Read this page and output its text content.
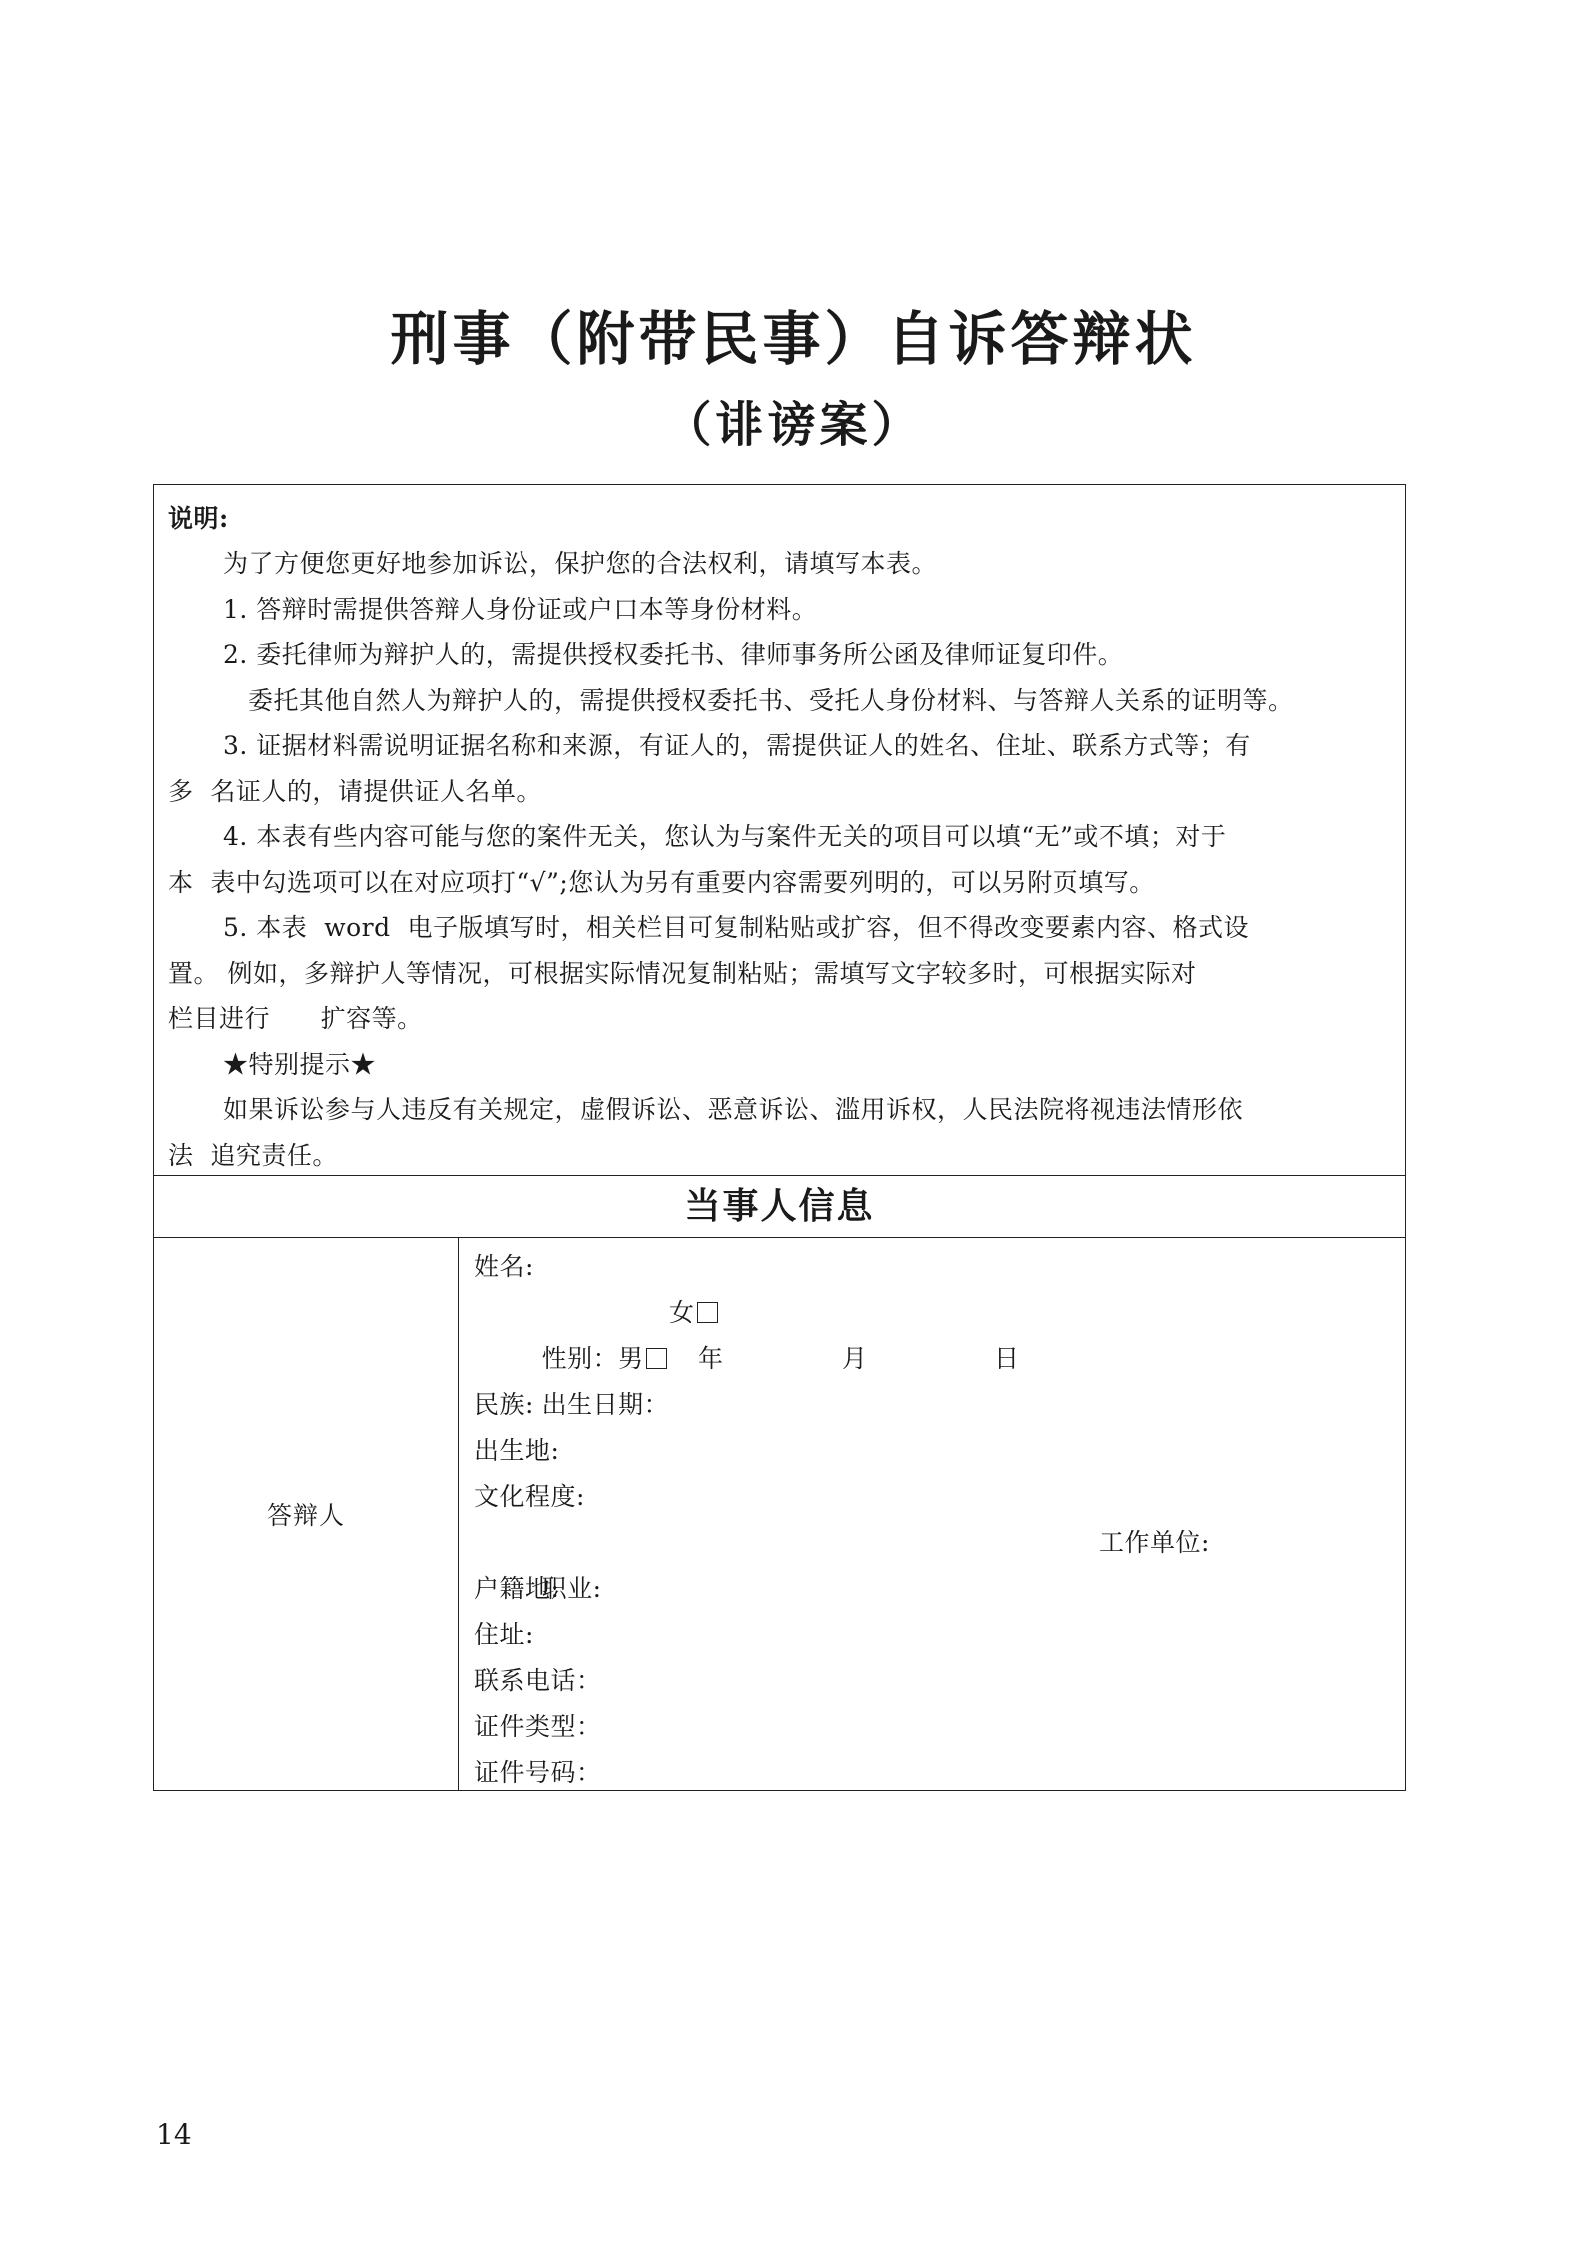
刑事（附带民事）自诉答辩状
（诽谤案）

说明:

为了方便您更好地参加诉讼，保护您的合法权利，请填写本表。

1. 答辩时需提供答辩人身份证或户口本等身份材料。

2. 委托律师为辩护人的，需提供授权委托书、律师事务所公函及律师证复印件。

委托其他自然人为辩护人的，需提供授权委托书、受托人身份材料、与答辩人关系的证明等。

3. 证据材料需说明证据名称和来源，有证人的，需提供证人的姓名、住址、联系方式等；有

多  名证人的，请提供证人名单。

4. 本表有些内容可能与您的案件无关，您认为与案件无关的项目可以填“无”或不填；对于

本  表中勾选项可以在对应项打“√”;您认为另有重要内容需要列明的，可以另附页填写。

5. 本表  word  电子版填写时，相关栏目可复制粘贴或扩容，但不得改变要素内容、格式设

置。 例如，多辩护人等情况，可根据实际情况复制粘贴；需填写文字较多时，可根据实际对

栏目进行      扩容等。

★特别提示★

如果诉讼参与人违反有关规定，虚假诉讼、恶意诉讼、滥用诉权，人民法院将视违法情形依

法  追究责任。

当事人信息
答辩人
姓名:

性别：男

女

出生日期：

年

	月

	日

民族:
出生地:
文化程度:

职业:

工作单位:

户籍地:
住址:
联系电话：
证件类型：
证件号码：
14
